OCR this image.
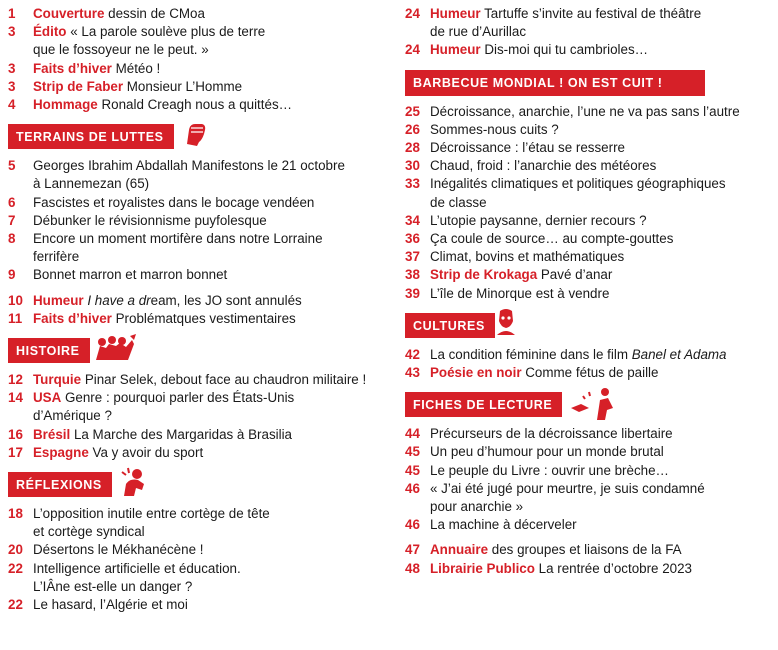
1	Couverture dessin de CMoa
3	Édito « La parole soulève plus de terre
que le fossoyeur ne le peut. »
3	Faits d’hiver Météo !
3	Strip de Faber Monsieur L’Homme
4	Hommage Ronald Creagh nous a quittés…
TERRAINS DE LUTTES
5	Georges Ibrahim Abdallah Manifestons le 21 octobre
à Lannemezan (65)
6	Fascistes et royalistes dans le bocage vendéen
7	Débunker le révisionnisme puyfolesque
8	Encore un moment mortifère dans notre Lorraine
ferrifère
9	Bonnet marron et marron bonnet
10 Humeur I have a dream, les JO sont annulés
11 Faits d’hiver Problématques vestimentaires
HISTOIRE
12 Turquie Pinar Selek, debout face au chaudron militaire !
14 USA Genre : pourquoi parler des États-Unis
d’Amérique ?
16 Brésil La Marche des Margaridas à Brasilia
17 Espagne Va y avoir du sport
RÉFLEXIONS
18 L’opposition inutile entre cortège de tête
et cortège syndical
20 Désertons le Mékhanécène !
22 Intelligence artificielle et éducation.
L’IÂne est-elle un danger ?
22 Le hasard, l’Algérie et moi
24 Humeur Tartuffe s’invite au festival de théâtre
de rue d’Aurillac
24 Humeur Dis-moi qui tu cambrioles…
BARBECUE MONDIAL ! ON EST CUIT !
25 Décroissance, anarchie, l’une ne va pas sans l’autre
26 Sommes-nous cuits ?
28 Décroissance : l’étau se resserre
30 Chaud, froid : l’anarchie des météores
33 Inégalités climatiques et politiques géographiques
de classe
34 L’utopie paysanne, dernier recours ?
36 Ça coule de source… au compte-gouttes
37 Climat, bovins et mathématiques
38 Strip de Krokaga Pavé d’anar
39 L’île de Minorque est à vendre
CULTURES
42 La condition féminine dans le film Banel et Adama
43 Poésie en noir Comme fétus de paille
FICHES DE LECTURE
44 Précurseurs de la décroissance libertaire
45 Un peu d’humour pour un monde brutal
45 Le peuple du Livre : ouvrir une brèche…
46 « J’ai été jugé pour meurtre, je suis condamné
pour anarchie »
46 La machine à décerveler
47 Annuaire des groupes et liaisons de la FA
48 Librairie Publico La rentrée d’octobre 2023
